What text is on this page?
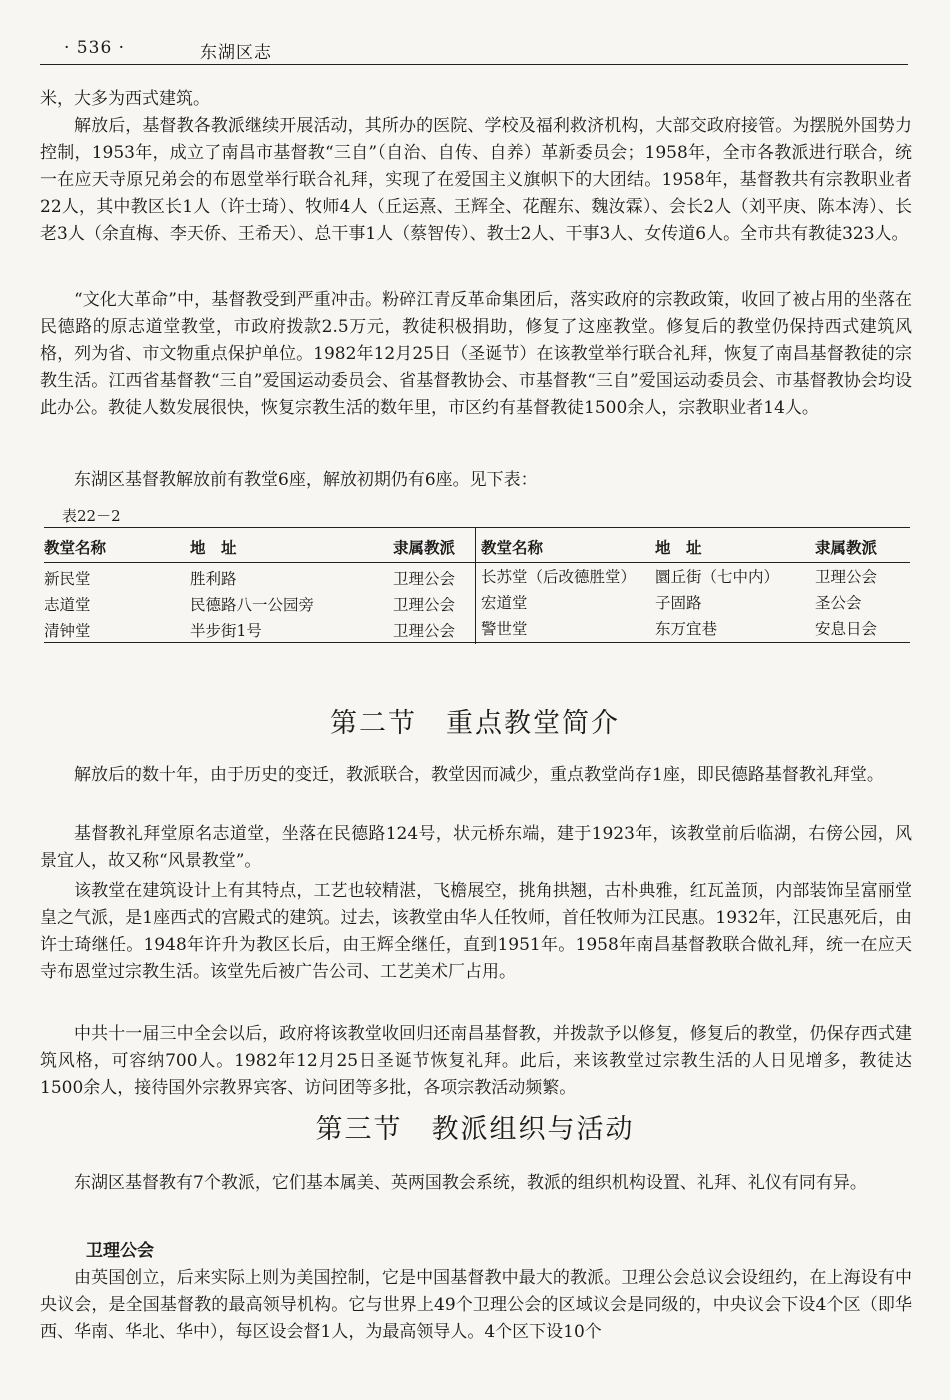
· 536 ·	东湖区志
米，大多为西式建筑。
解放后，基督教各教派继续开展活动，其所办的医院、学校及福利救济机构，大部交政府接管。为摆脱外国势力控制，1953年，成立了南昌市基督教“三自”（自治、自传、自养）革新委员会；1958年，全市各教派进行联合，统一在应天寺原兄弟会的布恩堂举行联合礼拜，实现了在爱国主义旗帜下的大团结。1958年，基督教共有宗教职业者22人，其中教区长1人（许士琦）、牧师4人（丘运熹、王辉全、花醒东、魏汝霖）、会长2人（刘平庚、陈本涛）、长老3人（余直梅、李天侨、王希天）、总干事1人（蔡智传）、教士2人、干事3人、女传道6人。全市共有教徒323人。
“文化大革命”中，基督教受到严重冲击。粉碎江青反革命集团后，落实政府的宗教政策，收回了被占用的坐落在民德路的原志道堂教堂，市政府拨款2.5万元，教徒积极捐助，修复了这座教堂。修复后的教堂仍保持西式建筑风格，列为省、市文物重点保护单位。1982年12月25日（圣诞节）在该教堂举行联合礼拜，恢复了南昌基督教徒的宗教生活。江西省基督教“三自”爱国运动委员会、省基督教协会、市基督教“三自”爱国运动委员会、市基督教协会均设此办公。教徒人数发展很快，恢复宗教生活的数年里，市区约有基督教徒1500余人，宗教职业者14人。
东湖区基督教解放前有教堂6座，解放初期仍有6座。见下表：
表22－2
教堂名称	地　址	隶属教派 教堂名称	地　址	隶属教派
新民堂	胜利路	卫理公会 长苏堂（后改德胜堂） 圜丘街（七中内） 卫理公会
志道堂	民德路八一公园旁	卫理公会 宏道堂	子固路	圣公会
清钟堂	半步街1号	卫理公会 警世堂	东万宜巷	安息日会
第二节　重点教堂简介
解放后的数十年，由于历史的变迁，教派联合，教堂因而减少，重点教堂尚存1座，即民德路基督教礼拜堂。
基督教礼拜堂原名志道堂，坐落在民德路124号，状元桥东端，建于1923年，该教堂前后临湖，右傍公园，风景宜人，故又称“风景教堂”。
该教堂在建筑设计上有其特点，工艺也较精湛，飞檐展空，挑角拱翘，古朴典雅，红瓦盖顶，内部装饰呈富丽堂皇之气派，是1座西式的宫殿式的建筑。过去，该教堂由华人任牧师，首任牧师为江民惠。1932年，江民惠死后，由许士琦继任。1948年许升为教区长后，由王辉全继任，直到1951年。1958年南昌基督教联合做礼拜，统一在应天寺布恩堂过宗教生活。该堂先后被广告公司、工艺美术厂占用。
中共十一届三中全会以后，政府将该教堂收回归还南昌基督教，并拨款予以修复，修复后的教堂，仍保存西式建筑风格，可容纳700人。1982年12月25日圣诞节恢复礼拜。此后，来该教堂过宗教生活的人日见增多，教徒达1500余人，接待国外宗教界宾客、访问团等多批，各项宗教活动频繁。
第三节　教派组织与活动
东湖区基督教有7个教派，它们基本属美、英两国教会系统，教派的组织机构设置、礼拜、礼仪有同有异。
卫理公会
由英国创立，后来实际上则为美国控制，它是中国基督教中最大的教派。卫理公会总议会设纽约，在上海设有中央议会，是全国基督教的最高领导机构。它与世界上49个卫理公会的区域议会是同级的，中央议会下设4个区（即华西、华南、华北、华中），每区设会督1人，为最高领导人。4个区下设10个
